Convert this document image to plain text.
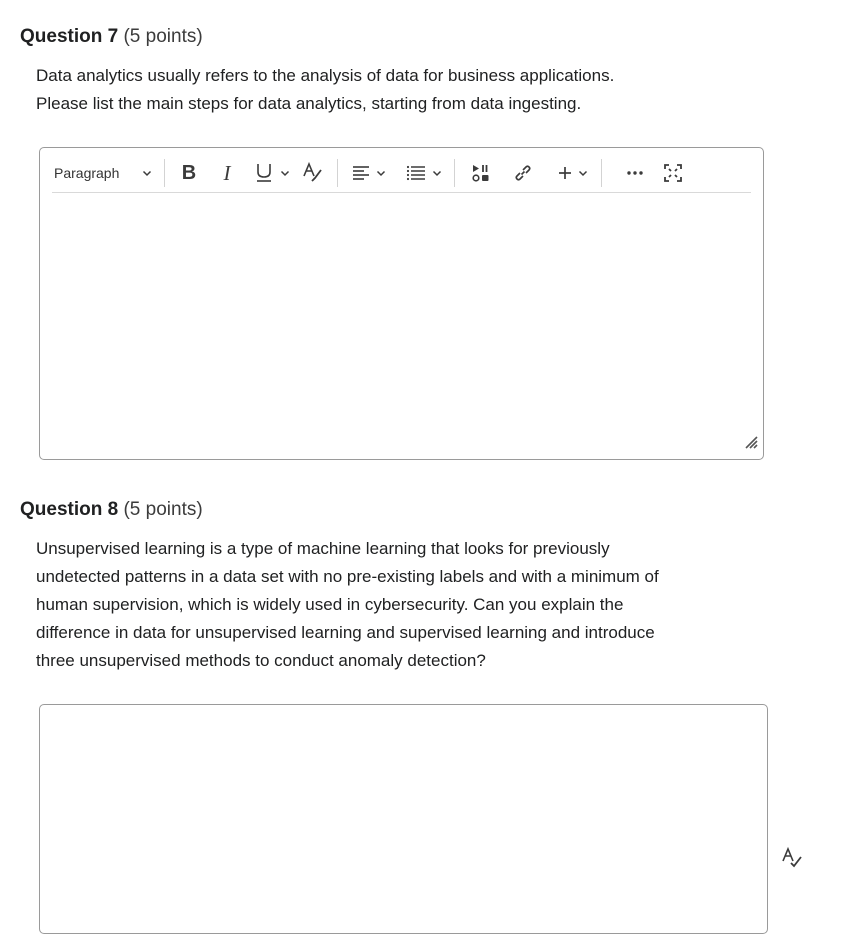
Question 7 (5 points)

Data analytics usually refers to the analysis of data for business applications.

Please list the main steps for data analytics, starting from data ingesting.

Paragraph	B I
Question 8 (5 points)

Unsupervised learning is a type of machine learning that looks for previously

undetected patterns in a data set with no pre-existing labels and with a minimum of

human supervision, which is widely used in cybersecurity. Can you explain the

difference in data for unsupervised learning and supervised learning and introduce

three unsupervised methods to conduct anomaly detection?
